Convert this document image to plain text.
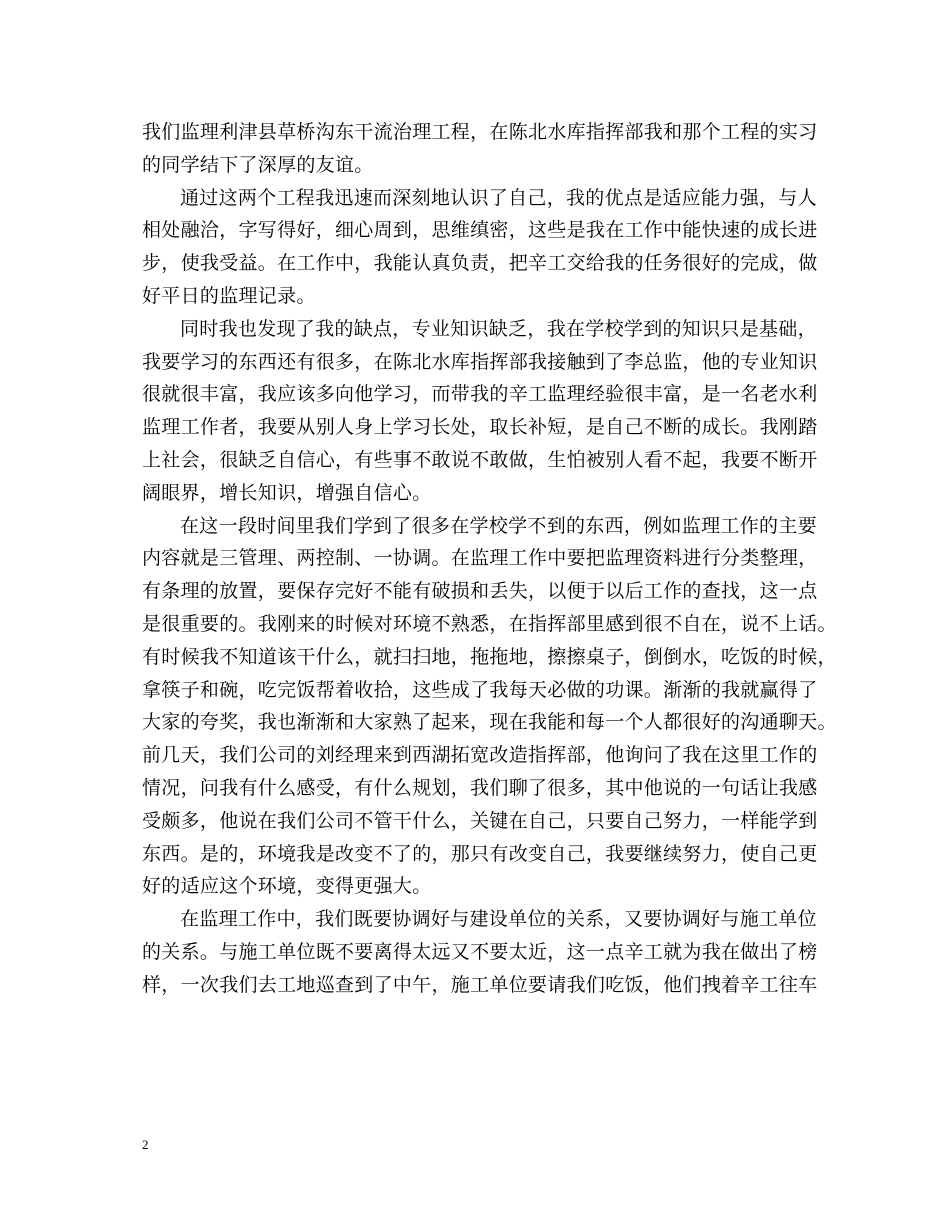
我们监理利津县草桥沟东干流治理工程，在陈北水库指挥部我和那个工程的实习
的同学结下了深厚的友谊。

通过这两个工程我迅速而深刻地认识了自己，我的优点是适应能力强，与人
相处融洽，字写得好，细心周到，思维缜密，这些是我在工作中能快速的成长进
步，使我受益。在工作中，我能认真负责，把辛工交给我的任务很好的完成，做
好平日的监理记录。

同时我也发现了我的缺点，专业知识缺乏，我在学校学到的知识只是基础，
我要学习的东西还有很多，在陈北水库指挥部我接触到了李总监，他的专业知识
很就很丰富，我应该多向他学习，而带我的辛工监理经验很丰富，是一名老水利
监理工作者，我要从别人身上学习长处，取长补短，是自己不断的成长。我刚踏
上社会，很缺乏自信心，有些事不敢说不敢做，生怕被别人看不起，我要不断开
阔眼界，增长知识，增强自信心。

在这一段时间里我们学到了很多在学校学不到的东西，例如监理工作的主要
内容就是三管理、两控制、一协调。在监理工作中要把监理资料进行分类整理，
有条理的放置，要保存完好不能有破损和丢失，以便于以后工作的查找，这一点
是很重要的。我刚来的时候对环境不熟悉，在指挥部里感到很不自在，说不上话。
有时候我不知道该干什么，就扫扫地，拖拖地，擦擦桌子，倒倒水，吃饭的时候，
拿筷子和碗，吃完饭帮着收拾，这些成了我每天必做的功课。渐渐的我就赢得了
大家的夸奖，我也渐渐和大家熟了起来，现在我能和每一个人都很好的沟通聊天。
前几天，我们公司的刘经理来到西湖拓宽改造指挥部，他询问了我在这里工作的
情况，问我有什么感受，有什么规划，我们聊了很多，其中他说的一句话让我感
受颇多，他说在我们公司不管干什么，关键在自己，只要自己努力，一样能学到
东西。是的，环境我是改变不了的，那只有改变自己，我要继续努力，使自己更
好的适应这个环境，变得更强大。

在监理工作中，我们既要协调好与建设单位的关系，又要协调好与施工单位
的关系。与施工单位既不要离得太远又不要太近，这一点辛工就为我在做出了榜
样，一次我们去工地巡查到了中午，施工单位要请我们吃饭，他们拽着辛工往车

2
